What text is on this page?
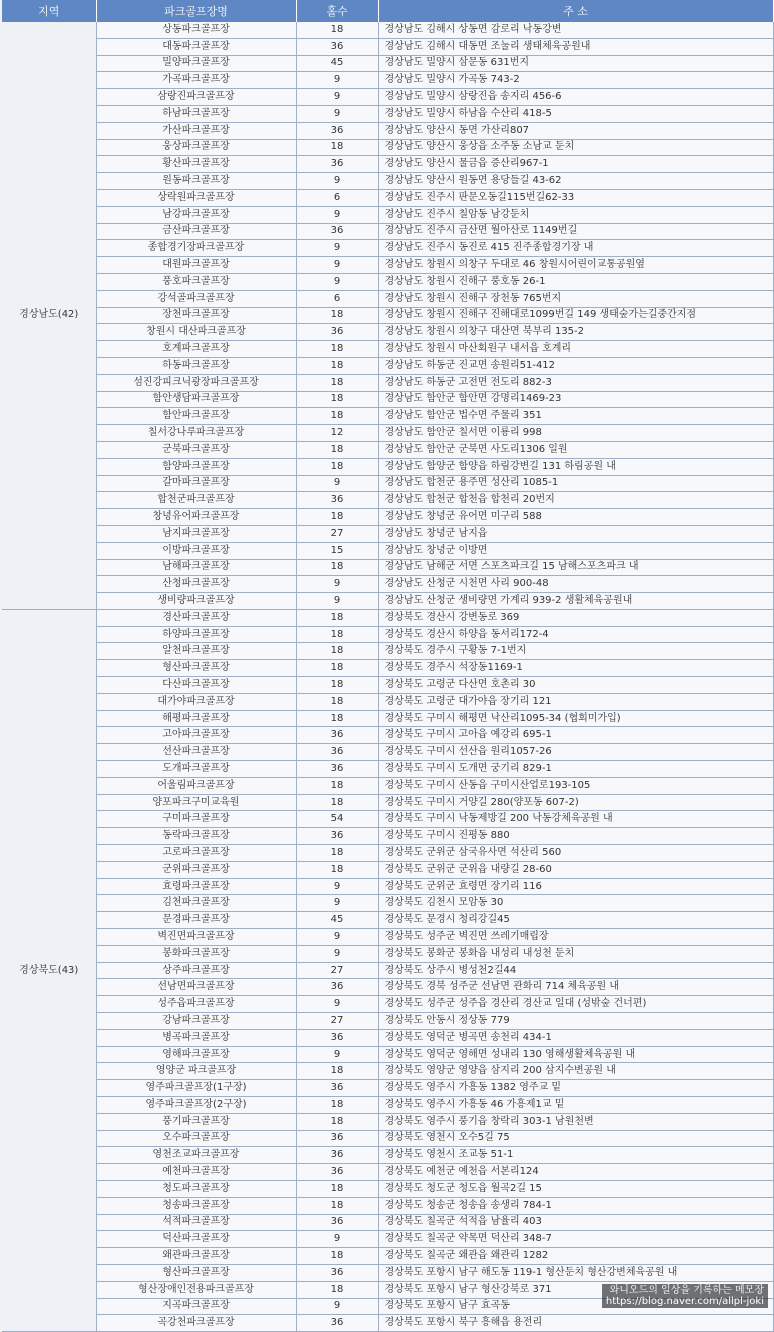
지역	파크골프장명	홀수	주 소
경상남도(42)	상동파크골프장	18	경상남도 김해시 상동면 감로리 낙동강변
	대동파크골프장	36	경상남도 김해시 대동면 조눌리 생태체육공원내
	밀양파크골프장	45	경상남도 밀양시 삼문동 631번지
	가곡파크골프장	9	경상남도 밀양시 가곡동 743-2
	삼랑진파크골프장	9	경상남도 밀양시 삼랑진읍 송지리 456-6
	하남파크골프장	9	경상남도 밀양시 하남읍 수산리 418-5
	가산파크골프장	36	경상남도 양산시 동면 가산리807
	웅상파크골프장	18	경상남도 양산시 웅상읍 소주동 소남교 둔치
	황산파크골프장	36	경상남도 양산시 물금읍 증산리967-1
	원동파크골프장	9	경상남도 양산시 원동면 용당들길 43-62
	상락원파크골프장	6	경상남도 진주시 판문오동길115번길62-33
	남강파크골프장	9	경상남도 진주시 칠암동 남강둔치
	금산파크골프장	36	경상남도 진주시 금산면 월아산로 1149번길
	종합경기장파크골프장	9	경상남도 진주시 동진로 415 진주종합경기장 내
	대원파크골프장	9	경상남도 창원시 의창구 두대로 46 창원시어린이교통공원옆
	풍호파크골프장	9	경상남도 창원시 진해구 풍호동 26-1
	강석골파크골프장	6	경상남도 창원시 진해구 장천동 765번지
	장천파크골프장	18	경상남도 창원시 진해구 진해대로1099번길 149 생태숲가는길중간지점
	창원시 대산파크골프장	36	경상남도 창원시 의창구 대산면 북부리 135-2
	호계파크골프장	18	경상남도 창원시 마산회원구 내서읍 호계리
	하동파크골프장	18	경상남도 하동군 진교면 송원리51-412
	섬진강피크닉광장파크골프장	18	경상남도 하동군 고전면 전도리 882-3
	함안생담파크골프장	18	경상남도 함안군 함안면 강명리1469-23
	함안파크골프장	18	경상남도 함안군 법수면 주물리 351
	칠서강나루파크골프장	12	경상남도 함안군 칠서면 이룡리 998
	군북파크골프장	18	경상남도 함안군 군북면 사도리1306 일원
	함양파크골프장	18	경상남도 함양군 함양읍 하림강변길 131 하림공원 내
	갈마파크골프장	9	경상남도 합천군 용주면 성산리 1085-1
	합천군파크골프장	36	경상남도 합천군 합천읍 합천리 20번지
	창녕유어파크골프장	18	경상남도 창녕군 유어면 미구리 588
	남지파크골프장	27	경상남도 창녕군 남지읍
	이방파크골프장	15	경상남도 창녕군 이방면
	남해파크골프장	18	경상남도 남해군 서면 스포츠파크길 15 남해스포츠파크 내
	산청파크골프장	9	경상남도 산청군 시천면 사리 900-48
	생비량파크골프장	9	경상남도 산청군 생비량면 가계리 939-2 생활체육공원내
경상북도(43)	경산파크골프장	18	경상북도 경산시 강변동로 369
	하양파크골프장	18	경상북도 경산시 하양읍 동서리172-4
	알천파크골프장	18	경상북도 경주시 구황동 7-1번지
	형산파크골프장	18	경상북도 경주시 석장동1169-1
	다산파크골프장	18	경상북도 고령군 다산면 호촌리 30
	대가야파크골프장	18	경상북도 고령군 대가야읍 장기리 121
	해평파크골프장	18	경상북도 구미시 해평면 낙산리1095-34 (협회미가입)
	고아파크골프장	36	경상북도 구미시 고아읍 예강리 695-1
	선산파크골프장	36	경상북도 구미시 선산읍 원리1057-26
	도개파크골프장	36	경상북도 구미시 도개면 궁기리 829-1
	어울림파크골프장	18	경상북도 구미시 산동읍 구미시산업로193-105
	양포파크구미교육원	18	경상북도 구미시 거양길 280(양포동 607-2)
	구미파크골프장	54	경상북도 구미시 낙동제방길 200 낙동강체육공원 내
	동락파크골프장	36	경상북도 구미시 진평동 880
	고로파크골프장	18	경상북도 군위군 삼국유사면 석산리 560
	군위파크골프장	18	경상북도 군위군 군위읍 내량길 28-60
	효령파크골프장	9	경상북도 군위군 효령면 장기리 116
	김천파크골프장	9	경상북도 김천시 모암동 30
	문경파크골프장	45	경상북도 문경시 청리강길45
	벽진면파크골프장	9	경상북도 성주군 벽진면 쓰레기매립장
	봉화파크골프장	9	경상북도 봉화군 봉화읍 내성리 내성천 둔치
	상주파크골프장	27	경상북도 상주시 병성천2길44
	선남면파크골프장	36	경상북도 경북 성주군 선남면 관화리 714 체육공원 내
	성주읍파크골프장	9	경상북도 성주군 성주읍 경산리 경산교 일대 (성밖숲 건너편)
	강남파크골프장	27	경상북도 안동시 정상동 779
	병곡파크골프장	36	경상북도 영덕군 병곡면 송천리 434-1
	영해파크골프장	9	경상북도 영덕군 영해면 성내리 130 영해생활체육공원 내
	영양군 파크골프장	18	경상북도 영양군 영양읍 삼지리 200 삼지수변공원 내
	영주파크골프장(1구장)	36	경상북도 영주시 가흥동 1382 영주교 밑
	영주파크골프장(2구장)	18	경상북도 영주시 가흥동 46 가흥제1교 밑
	풍기파크골프장	18	경상북도 영주시 풍기읍 창락리 303-1 남원천변
	오수파크골프장	36	경상북도 영천시 오수5길 75
	영천조교파크골프장	36	경상북도 영천시 조교동 51-1
	예천파크골프장	36	경상북도 예천군 예천읍 서본리124
	청도파크골프장	18	경상북도 청도군 청도읍 월곡2길 15
	청송파크골프장	18	경상북도 청송군 청송읍 송생리 784-1
	석적파크골프장	36	경상북도 칠곡군 석적읍 남율리 403
	덕산파크골프장	9	경상북도 칠곡군 약목면 덕산리 348-7
	왜관파크골프장	18	경상북도 칠곡군 왜관읍 왜관리 1282
	형산파크골프장	36	경상북도 포항시 남구 해도동 119-1 형산둔치 형산강변체육공원 내
	형산장애인전용파크골프장	18	경상북도 포항시 남구 형산강북로 371
	지곡파크골프장	9	경상북도 포항시 남구 효곡동
	곡강천파크골프장	36	경상북도 포항시 북구 흥해읍 용전리
와니오드의 일상을 기록하는 메모장
https://blog.naver.com/allpl-joki
